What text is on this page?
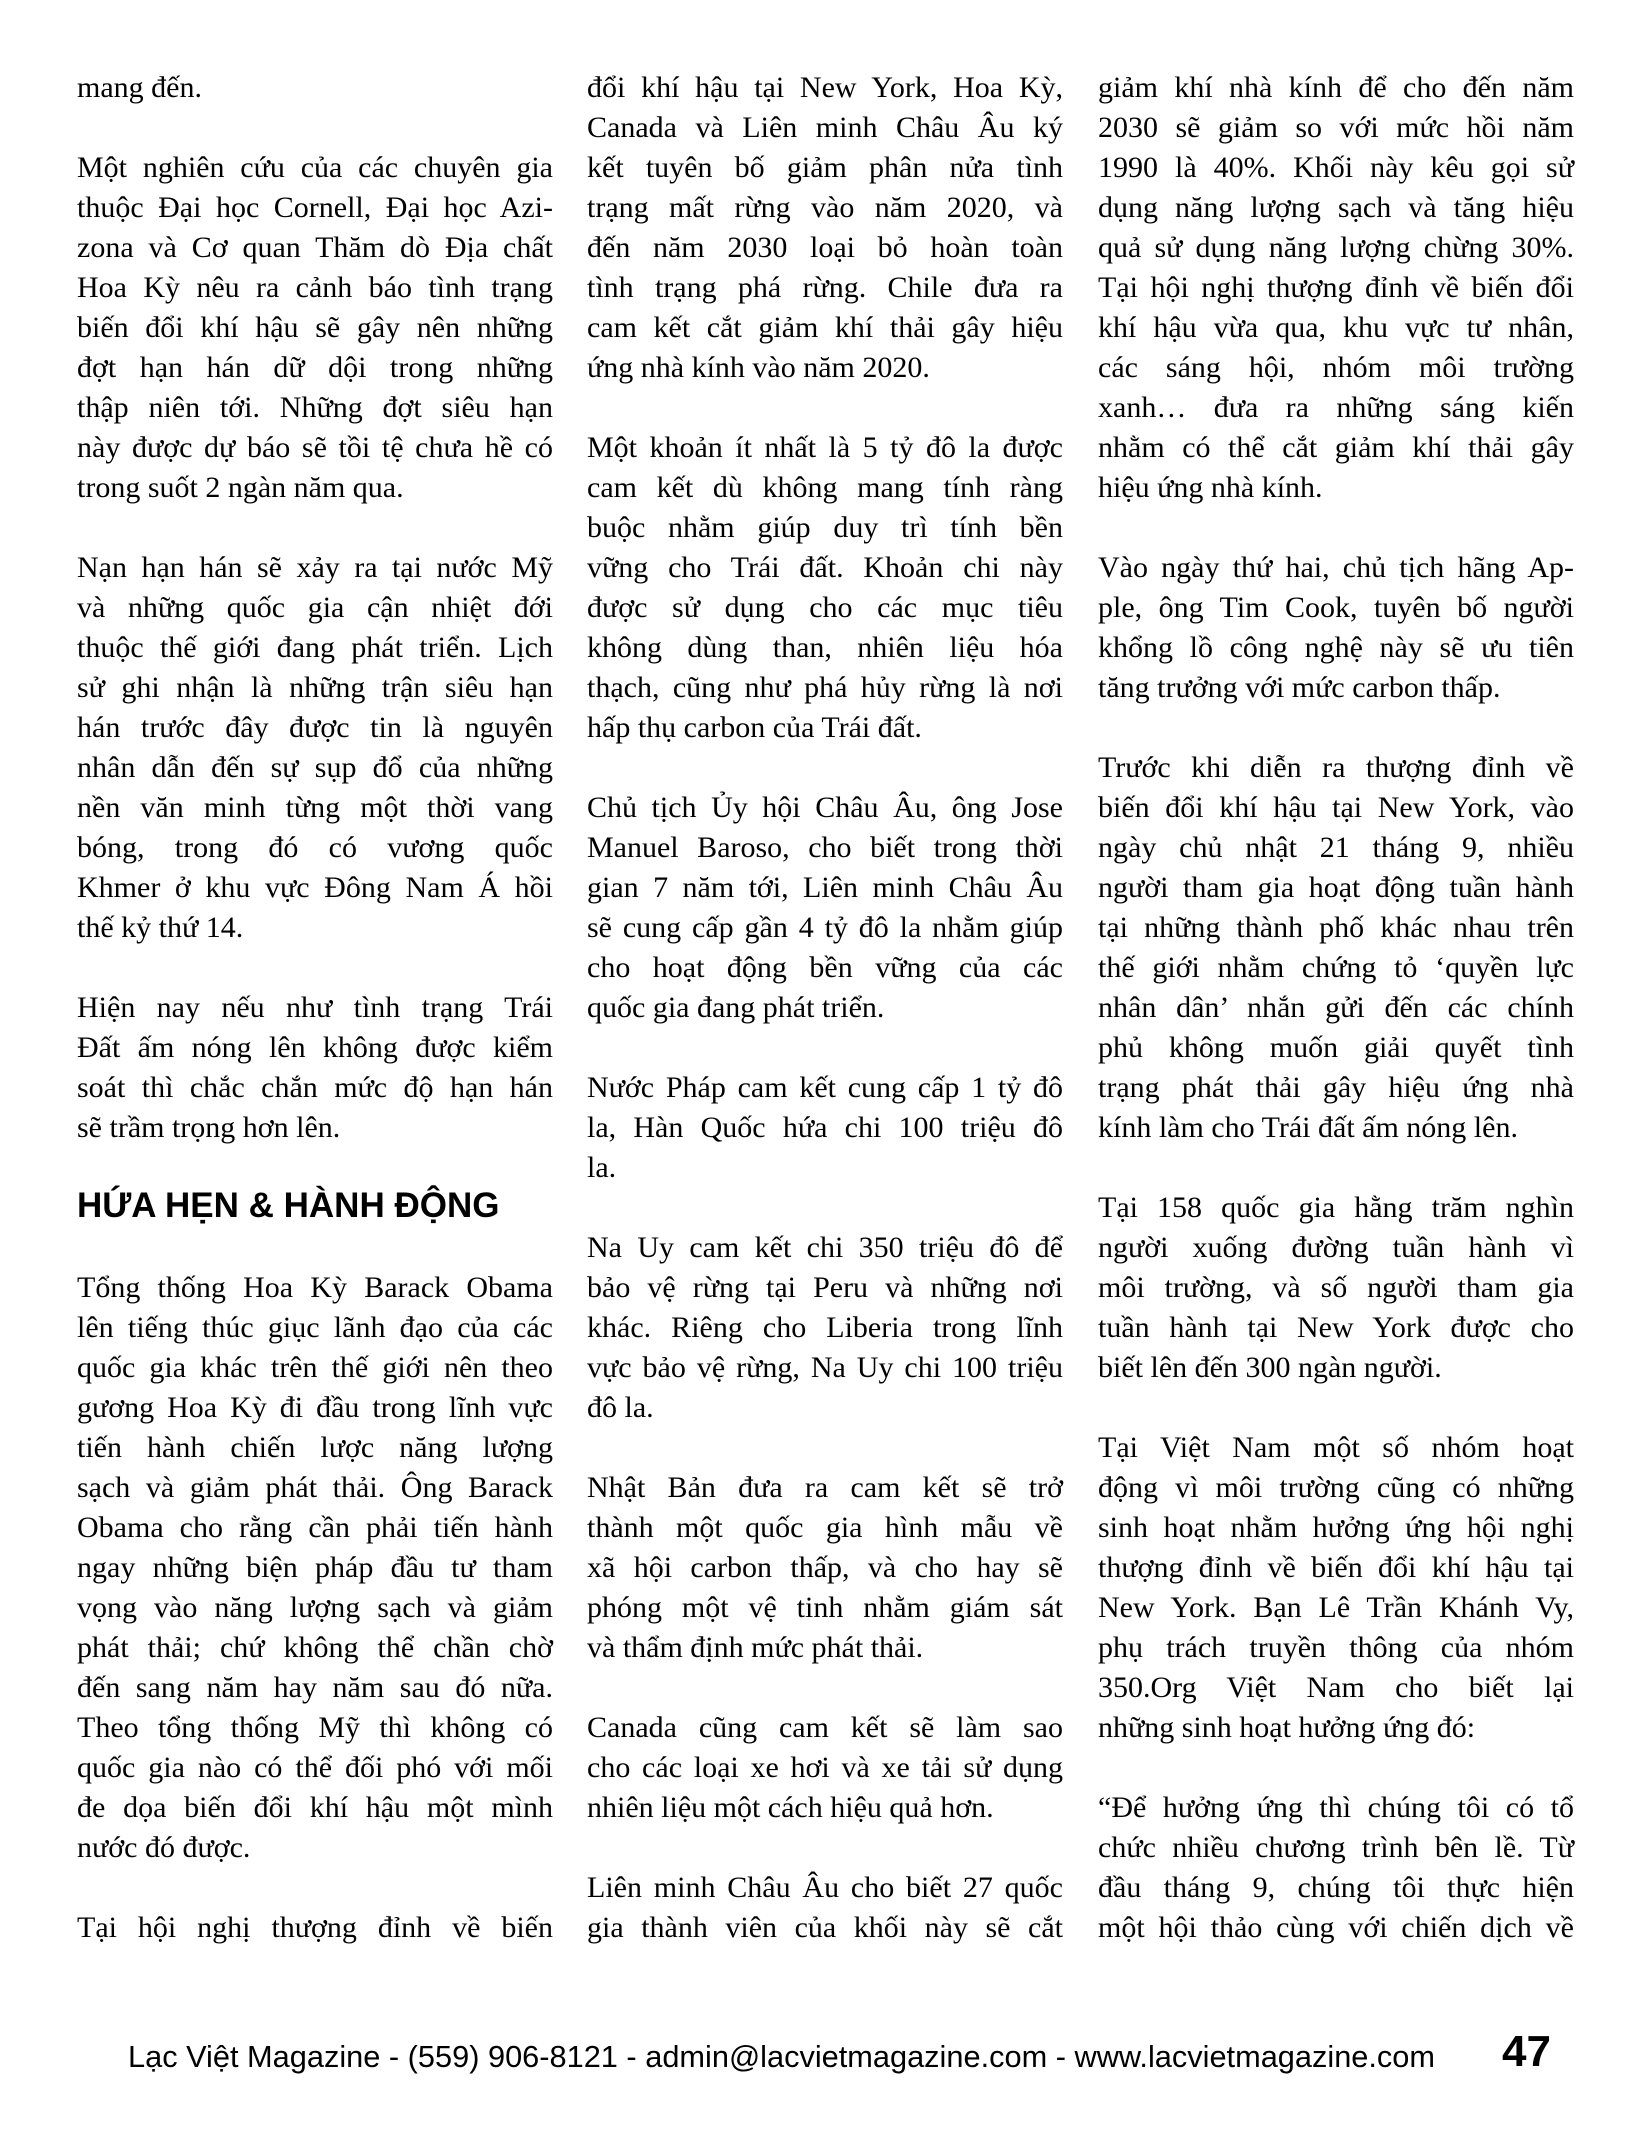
mang đến.
Một nghiên cứu của các chuyên gia
thuộc Đại học Cornell, Đại học Azi-
zona và Cơ quan Thăm dò Địa chất
Hoa Kỳ nêu ra cảnh báo tình trạng
biến đổi khí hậu sẽ gây nên những
đợt hạn hán dữ dội trong những
thập niên tới. Những đợt siêu hạn
này được dự báo sẽ tồi tệ chưa hề có
trong suốt 2 ngàn năm qua.
Nạn hạn hán sẽ xảy ra tại nước Mỹ
và những quốc gia cận nhiệt đới
thuộc thế giới đang phát triển. Lịch
sử ghi nhận là những trận siêu hạn
hán trước đây được tin là nguyên
nhân dẫn đến sự sụp đổ của những
nền văn minh từng một thời vang
bóng, trong đó có vương quốc
Khmer ở khu vực Đông Nam Á hồi
thế kỷ thứ 14.
Hiện nay nếu như tình trạng Trái
Đất ấm nóng lên không được kiểm
soát thì chắc chắn mức độ hạn hán
sẽ trầm trọng hơn lên.
HỨA HẸN & HÀNH ĐỘNG
Tổng thống Hoa Kỳ Barack Obama
lên tiếng thúc giục lãnh đạo của các
quốc gia khác trên thế giới nên theo
gương Hoa Kỳ đi đầu trong lĩnh vực
tiến hành chiến lược năng lượng
sạch và giảm phát thải. Ông Barack
Obama cho rằng cần phải tiến hành
ngay những biện pháp đầu tư tham
vọng vào năng lượng sạch và giảm
phát thải; chứ không thể chần chờ
đến sang năm hay năm sau đó nữa.
Theo tổng thống Mỹ thì không có
quốc gia nào có thể đối phó với mối
đe dọa biến đổi khí hậu một mình
nước đó được.
Tại hội nghị thượng đỉnh về biến
đổi khí hậu tại New York, Hoa Kỳ,
Canada và Liên minh Châu Âu ký
kết tuyên bố giảm phân nửa tình
trạng mất rừng vào năm 2020, và
đến năm 2030 loại bỏ hoàn toàn
tình trạng phá rừng. Chile đưa ra
cam kết cắt giảm khí thải gây hiệu
ứng nhà kính vào năm 2020.
Một khoản ít nhất là 5 tỷ đô la được
cam kết dù không mang tính ràng
buộc nhằm giúp duy trì tính bền
vững cho Trái đất. Khoản chi này
được sử dụng cho các mục tiêu
không dùng than, nhiên liệu hóa
thạch, cũng như phá hủy rừng là nơi
hấp thụ carbon của Trái đất.
Chủ tịch Ủy hội Châu Âu, ông Jose
Manuel Baroso, cho biết trong thời
gian 7 năm tới, Liên minh Châu Âu
sẽ cung cấp gần 4 tỷ đô la nhằm giúp
cho hoạt động bền vững của các
quốc gia đang phát triển.
Nước Pháp cam kết cung cấp 1 tỷ đô
la, Hàn Quốc hứa chi 100 triệu đô
la.
Na Uy cam kết chi 350 triệu đô để
bảo vệ rừng tại Peru và những nơi
khác. Riêng cho Liberia trong lĩnh
vực bảo vệ rừng, Na Uy chi 100 triệu
đô la.
Nhật Bản đưa ra cam kết sẽ trở
thành một quốc gia hình mẫu về
xã hội carbon thấp, và cho hay sẽ
phóng một vệ tinh nhằm giám sát
và thẩm định mức phát thải.
Canada cũng cam kết sẽ làm sao
cho các loại xe hơi và xe tải sử dụng
nhiên liệu một cách hiệu quả hơn.
Liên minh Châu Âu cho biết 27 quốc
gia thành viên của khối này sẽ cắt
giảm khí nhà kính để cho đến năm
2030 sẽ giảm so với mức hồi năm
1990 là 40%. Khối này kêu gọi sử
dụng năng lượng sạch và tăng hiệu
quả sử dụng năng lượng chừng 30%.
Tại hội nghị thượng đỉnh về biến đổi
khí hậu vừa qua, khu vực tư nhân,
các sáng hội, nhóm môi trường
xanh… đưa ra những sáng kiến
nhằm có thể cắt giảm khí thải gây
hiệu ứng nhà kính.
Vào ngày thứ hai, chủ tịch hãng Ap-
ple, ông Tim Cook, tuyên bố người
khổng lồ công nghệ này sẽ ưu tiên
tăng trưởng với mức carbon thấp.
Trước khi diễn ra thượng đỉnh về
biến đổi khí hậu tại New York, vào
ngày chủ nhật 21 tháng 9, nhiều
người tham gia hoạt động tuần hành
tại những thành phố khác nhau trên
thế giới nhằm chứng tỏ ‘quyền lực
nhân dân’ nhắn gửi đến các chính
phủ không muốn giải quyết tình
trạng phát thải gây hiệu ứng nhà
kính làm cho Trái đất ấm nóng lên.
Tại 158 quốc gia hằng trăm nghìn
người xuống đường tuần hành vì
môi trường, và số người tham gia
tuần hành tại New York được cho
biết lên đến 300 ngàn người.
Tại Việt Nam một số nhóm hoạt
động vì môi trường cũng có những
sinh hoạt nhằm hưởng ứng hội nghị
thượng đỉnh về biến đổi khí hậu tại
New York. Bạn Lê Trần Khánh Vy,
phụ trách truyền thông của nhóm
350.Org Việt Nam cho biết lại
những sinh hoạt hưởng ứng đó:
“Để hưởng ứng thì chúng tôi có tổ
chức nhiều chương trình bên lề. Từ
đầu tháng 9, chúng tôi thực hiện
một hội thảo cùng với chiến dịch về
Lạc Việt Magazine - (559) 906-8121 - admin@lacvietmagazine.com - www.lacvietmagazine.com 47
